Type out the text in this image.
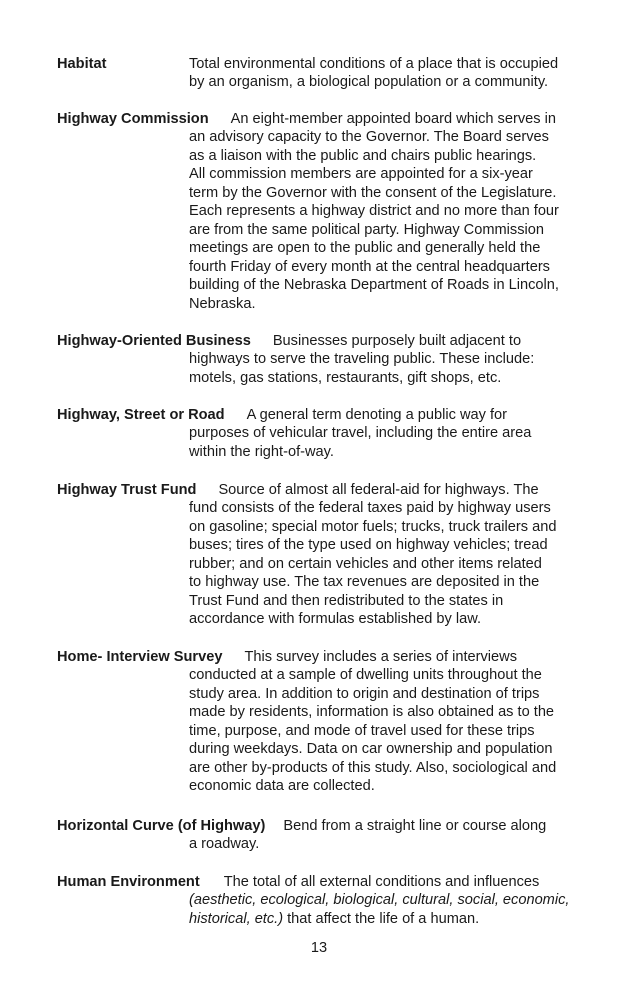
Habitat	Total environmental conditions of a place that is occupied
by an organism, a biological population or a community.
Highway Commission An eight-member appointed board which serves in
an advisory capacity to the Governor. The Board serves
as a liaison with the public and chairs public hearings.
All commission members are appointed for a six-year
term by the Governor with the consent of the Legislature.
Each represents a highway district and no more than four
are from the same political party. Highway Commission
meetings are open to the public and generally held the
fourth Friday of every month at the central headquarters
building of the Nebraska Department of Roads in Lincoln,
Nebraska.
Highway-Oriented Business Businesses purposely built adjacent to
highways to serve the traveling public. These include:
motels, gas stations, restaurants, gift shops, etc.
Highway, Street or Road A general term denoting a public way for
purposes of vehicular travel, including the entire area
within the right-of-way.
Highway Trust Fund Source of almost all federal-aid for highways. The
fund consists of the federal taxes paid by highway users
on gasoline; special motor fuels; trucks, truck trailers and
buses; tires of the type used on highway vehicles; tread
rubber; and on certain vehicles and other items related
to highway use. The tax revenues are deposited in the
Trust Fund and then redistributed to the states in
accordance with formulas established by law.
Home- Interview Survey This survey includes a series of interviews
conducted at a sample of dwelling units throughout the
study area. In addition to origin and destination of trips
made by residents, information is also obtained as to the
time, purpose, and mode of travel used for these trips
during weekdays. Data on car ownership and population
are other by-products of this study. Also, sociological and
economic data are collected.
Horizontal Curve (of Highway) Bend from a straight line or course along
a roadway.
Human Environment The total of all external conditions and influences
(aesthetic, ecological, biological, cultural, social, economic,
historical, etc.) that affect the life of a human.
13
